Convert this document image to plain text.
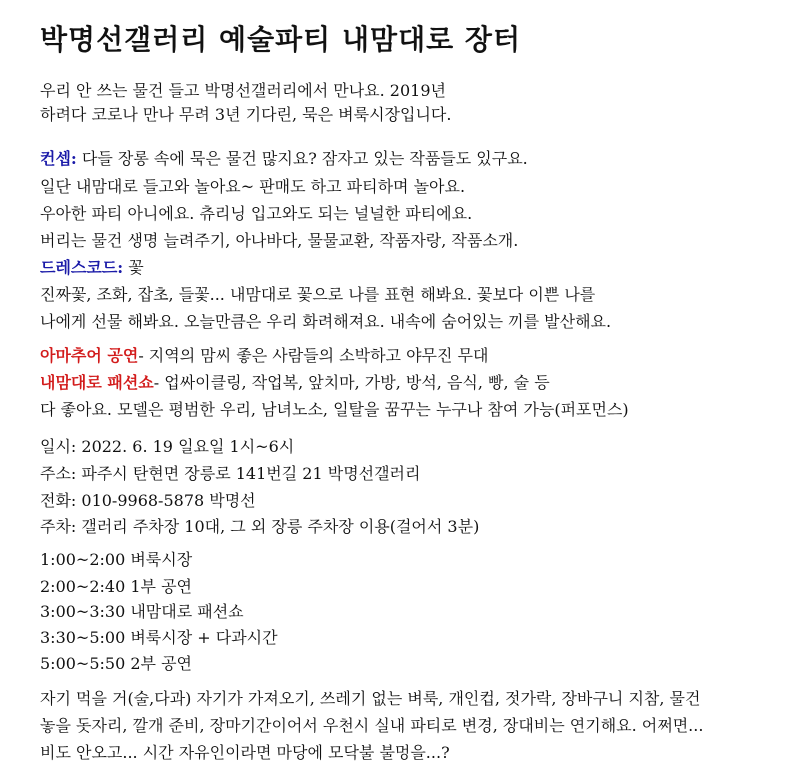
박명선갤러리 예술파티 내맘대로 장터

우리 안 쓰는 물건 들고 박명선갤러리에서 만나요. 2019년

하려다 코로나 만나 무려 3년 기다린, 묵은 벼룩시장입니다.

컨셉: 다들 장롱 속에 묵은 물건 많지요? 잠자고 있는 작품들도 있구요.

일단 내맘대로 들고와 놀아요~ 판매도 하고 파티하며 놀아요.

우아한 파티 아니에요. 츄리닝 입고와도 되는 널널한 파티에요.

버리는 물건 생명 늘려주기, 아나바다, 물물교환, 작품자랑, 작품소개.

드레스코드: 꽃

진짜꽃, 조화, 잡초, 들꽃... 내맘대로 꽃으로 나를 표현 해봐요. 꽃보다 이쁜 나를

나에게 선물 해봐요. 오늘만큼은 우리 화려해져요. 내속에 숨어있는 끼를 발산해요.

아마추어 공연- 지역의 맘씨 좋은 사람들의 소박하고 야무진 무대

내맘대로 패션쇼- 업싸이클링, 작업복, 앞치마, 가방, 방석, 음식, 빵, 술 등

다 좋아요. 모델은 평범한 우리, 남녀노소, 일탈을 꿈꾸는 누구나 참여 가능(퍼포먼스)

일시: 2022. 6. 19 일요일 1시~6시

주소: 파주시 탄현면 장릉로 141번길 21 박명선갤러리

전화: 010-9968-5878 박명선

주차: 갤러리 주차장 10대, 그 외 장릉 주차장 이용(걸어서 3분)

1:00~2:00 벼룩시장

2:00~2:40 1부 공연

3:00~3:30 내맘대로 패션쇼

3:30~5:00 벼룩시장 + 다과시간

5:00~5:50 2부 공연

자기 먹을 거(술,다과) 자기가 가져오기, 쓰레기 없는 벼룩, 개인컵, 젓가락, 장바구니 지참, 물건

놓을 돗자리, 깔개 준비, 장마기간이어서 우천시 실내 파티로 변경, 장대비는 연기해요. 어쩌면...

비도 안오고... 시간 자유인이라면 마당에 모닥불 불멍을...?
